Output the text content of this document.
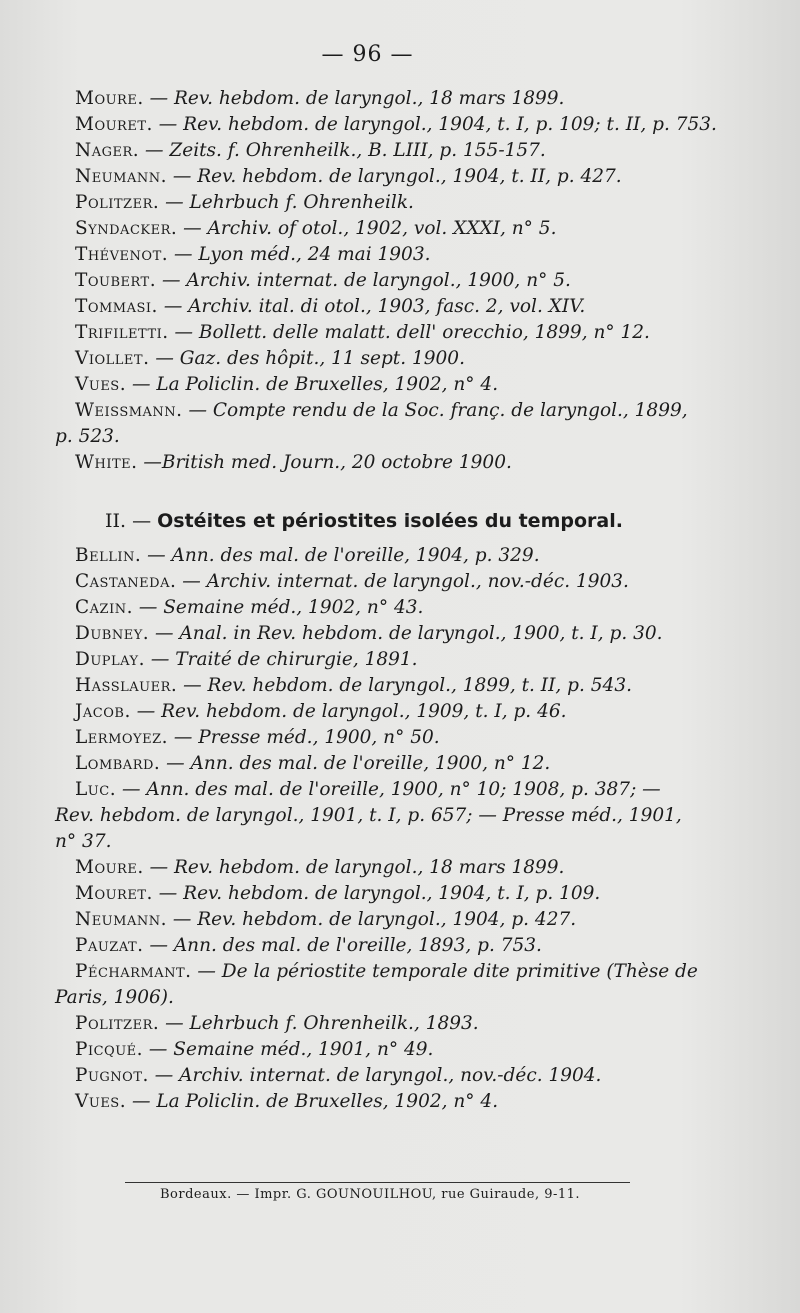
— 96 —
Moure. — Rev. hebdom. de laryngol., 18 mars 1899.
Mouret. — Rev. hebdom. de laryngol., 1904, t. I, p. 109; t. II, p. 753.
Nager. — Zeits. f. Ohrenheilk., B. LIII, p. 155-157.
Neumann. — Rev. hebdom. de laryngol., 1904, t. II, p. 427.
Politzer. — Lehrbuch f. Ohrenheilk.
Syndacker. — Archiv. of otol., 1902, vol. XXXI, n° 5.
Thévenot. — Lyon méd., 24 mai 1903.
Toubert. — Archiv. internat. de laryngol., 1900, n° 5.
Tommasi. — Archiv. ital. di otol., 1903, fasc. 2, vol. XIV.
Trifiletti. — Bollett. delle malatt. dell' orecchio, 1899, n° 12.
Viollet. — Gaz. des hôpit., 11 sept. 1900.
Vues. — La Policlin. de Bruxelles, 1902, n° 4.
Weissmann. — Compte rendu de la Soc. franç. de laryngol., 1899, p. 523.
White. —British med. Journ., 20 octobre 1900.
II. — Ostéites et périostites isolées du temporal.
Bellin. — Ann. des mal. de l'oreille, 1904, p. 329.
Castaneda. — Archiv. internat. de laryngol., nov.-déc. 1903.
Cazin. — Semaine méd., 1902, n° 43.
Dubney. — Anal. in Rev. hebdom. de laryngol., 1900, t. I, p. 30.
Duplay. — Traité de chirurgie, 1891.
Hasslauer. — Rev. hebdom. de laryngol., 1899, t. II, p. 543.
Jacob. — Rev. hebdom. de laryngol., 1909, t. I, p. 46.
Lermoyez. — Presse méd., 1900, n° 50.
Lombard. — Ann. des mal. de l'oreille, 1900, n° 12.
Luc. — Ann. des mal. de l'oreille, 1900, n° 10; 1908, p. 387; — Rev. hebdom. de laryngol., 1901, t. I, p. 657; — Presse méd., 1901, n° 37.
Moure. — Rev. hebdom. de laryngol., 18 mars 1899.
Mouret. — Rev. hebdom. de laryngol., 1904, t. I, p. 109.
Neumann. — Rev. hebdom. de laryngol., 1904, p. 427.
Pauzat. — Ann. des mal. de l'oreille, 1893, p. 753.
Pécharmant. — De la périostite temporale dite primitive (Thèse de Paris, 1906).
Politzer. — Lehrbuch f. Ohrenheilk., 1893.
Picqué. — Semaine méd., 1901, n° 49.
Pugnot. — Archiv. internat. de laryngol., nov.-déc. 1904.
Vues. — La Policlin. de Bruxelles, 1902, n° 4.
Bordeaux. — Impr. G. GOUNOUILHOU, rue Guiraude, 9-11.
